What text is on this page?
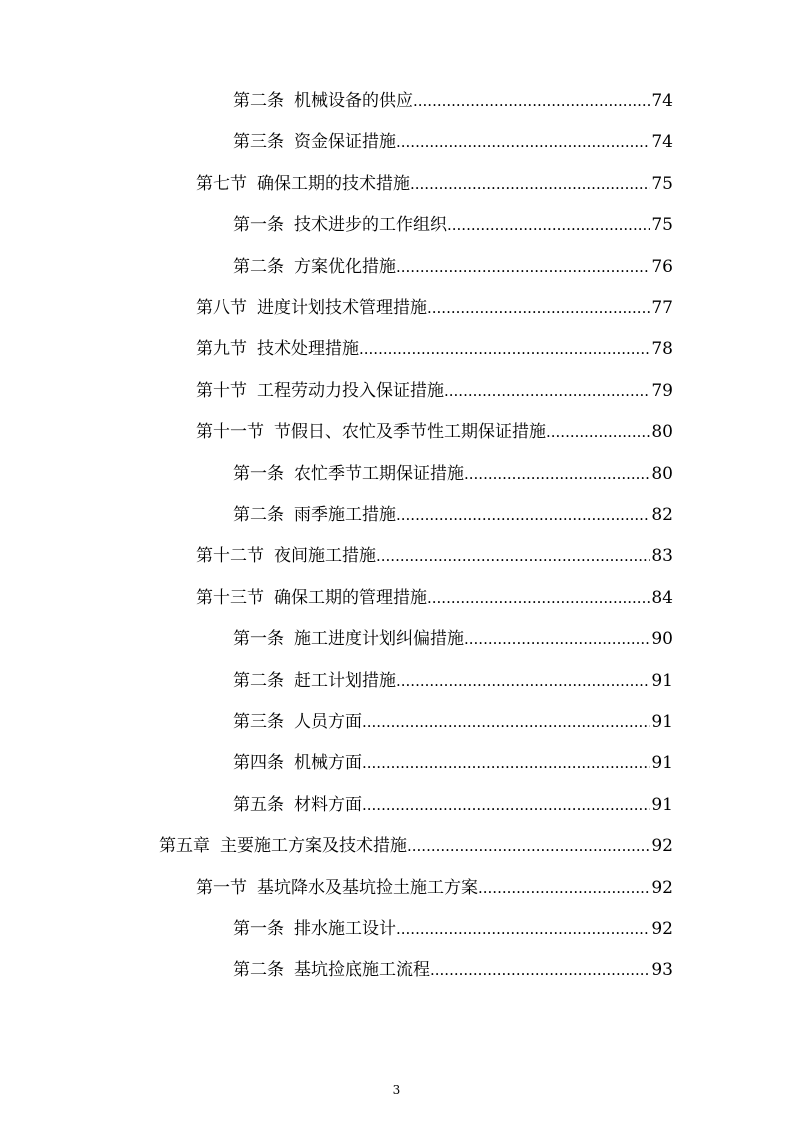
第二条 机械设备的供应 .....	74
第三条 资金保证措施 .....	74
第七节 确保工期的技术措施 .....	75
第一条 技术进步的工作组织 .....	75
第二条 方案优化措施 .....	76
第八节 进度计划技术管理措施 .....	77
第九节 技术处理措施 .....	78
第十节 工程劳动力投入保证措施 .....	79
第十一节 节假日、农忙及季节性工期保证措施 .....	80
第一条 农忙季节工期保证措施 .....	80
第二条 雨季施工措施 .....	82
第十二节 夜间施工措施 .....	83
第十三节 确保工期的管理措施 .....	84
第一条 施工进度计划纠偏措施 .....	90
第二条 赶工计划措施 .....	91
第三条 人员方面 .....	91
第四条 机械方面 .....	91
第五条 材料方面 .....	91
第五章 主要施工方案及技术措施 .....	92
第一节 基坑降水及基坑捡土施工方案 .....	92
第一条 排水施工设计 .....	92
第二条 基坑捡底施工流程 .....	93
3
